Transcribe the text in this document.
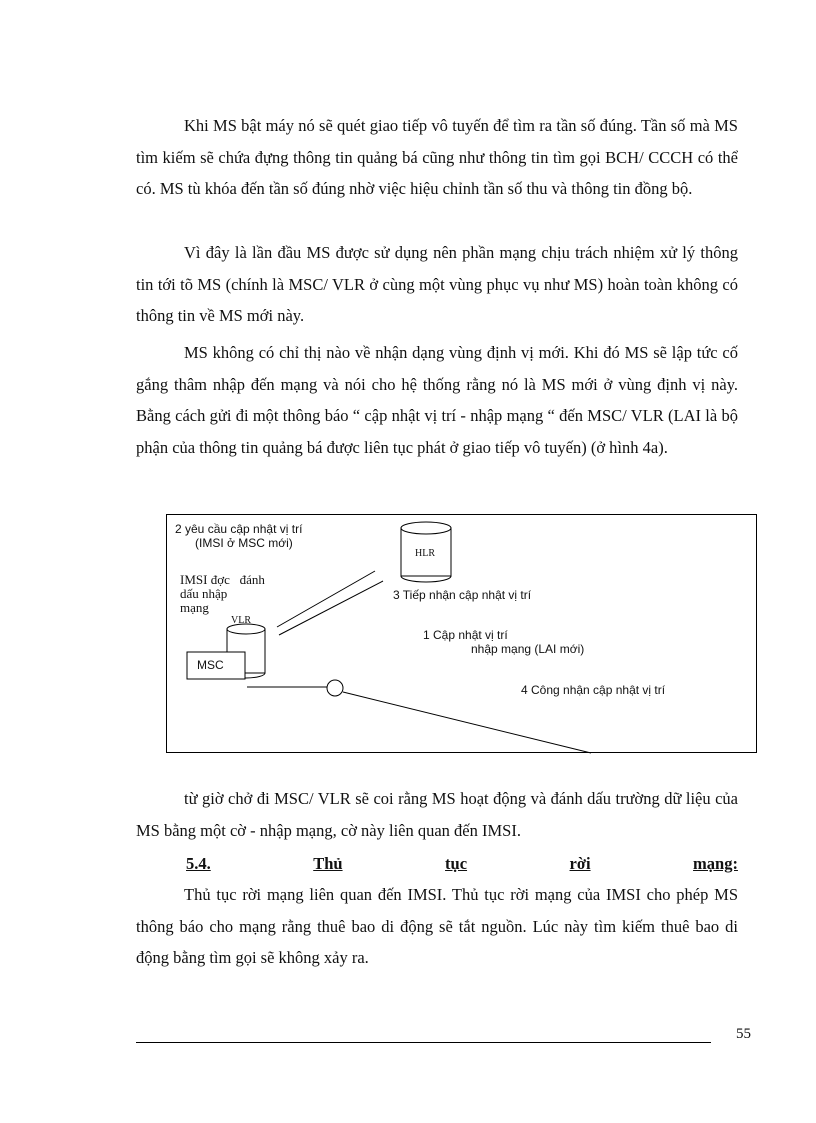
Khi MS bật máy nó sẽ quét giao tiếp vô tuyến để tìm ra tần số đúng. Tần số mà MS tìm kiếm sẽ chứa đựng thông tin quảng bá cũng như thông tin tìm gọi BCH/ CCCH có thể có. MS tù khóa đến tần số đúng nhờ việc hiệu chỉnh tần số thu và thông tin đồng bộ.

Vì đây là lần đầu MS được sử dụng nên phần mạng chịu trách nhiệm xử lý thông tin tới tõ MS (chính là MSC/ VLR ở cùng một vùng phục vụ như MS) hoàn toàn không có thông tin về MS mới này.

MS không có chỉ thị nào về nhận dạng vùng định vị mới. Khi đó MS sẽ lập tức cố gắng thâm nhập đến mạng và nói cho hệ thống rằng nó là MS mới ở vùng định vị này. Bằng cách gửi đi một thông báo “ cập nhật vị trí - nhập mạng “ đến MSC/ VLR (LAI là bộ phận của thông tin quảng bá được liên tục phát ở giao tiếp vô tuyến) (ở hình 4a).

2 yêu cầu cập nhật vị trí
(IMSI ở MSC mới)
IMSI đợc   đánh
dấu nhập
mạng
VLR
MSC
HLR
3 Tiếp nhận cập nhật vị trí
1 Cập nhật vị trí
nhập mạng (LAI mới)
4 Công nhận cập nhật vị trí

từ giờ chở đi MSC/ VLR sẽ coi rằng MS hoạt động và đánh dấu trường dữ liệu của MS bằng một cờ - nhập mạng, cờ này liên quan đến IMSI.

5.4.	Thủ	tục	rời	mạng:

Thủ tục rời mạng liên quan đến IMSI. Thủ tục rời mạng của IMSI cho phép MS thông báo cho mạng rằng thuê bao di động sẽ tắt nguồn. Lúc này tìm kiếm thuê bao di động bằng tìm gọi sẽ không xảy ra.

55
